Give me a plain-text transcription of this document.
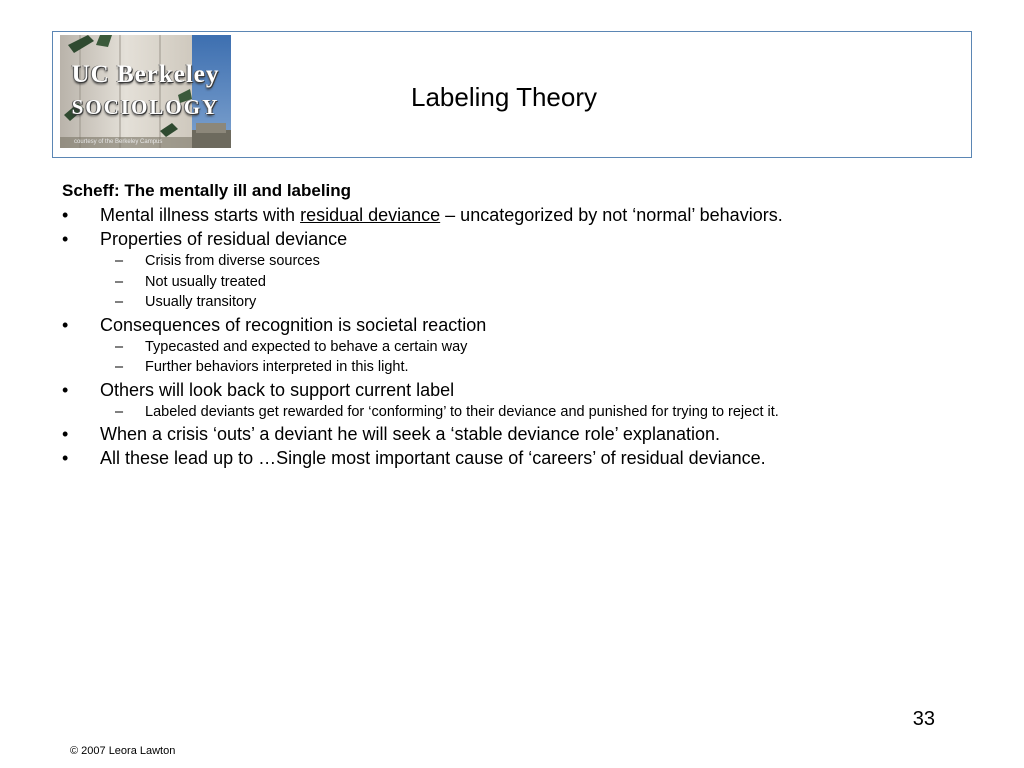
UC Berkeley
SOCIOLOGY
courtesy of the Berkeley Campus
Labeling Theory
Scheff: The mentally ill and labeling
•	Mental illness starts with residual deviance – uncategorized by not ‘normal’ behaviors.
•	Properties of residual deviance
– Crisis from diverse sources
– Not usually treated
– Usually transitory
•	Consequences of recognition is societal reaction
– Typecasted and expected to behave a certain way
– Further behaviors interpreted in this light.
•	Others will look back to support current label
– Labeled deviants get rewarded for ‘conforming’ to their deviance and punished for trying to reject it.
•	When a crisis ‘outs’ a deviant he will seek a ‘stable deviance role’ explanation.
•	All these lead up to …Single most important cause of ‘careers’ of residual deviance.
33
© 2007 Leora Lawton
